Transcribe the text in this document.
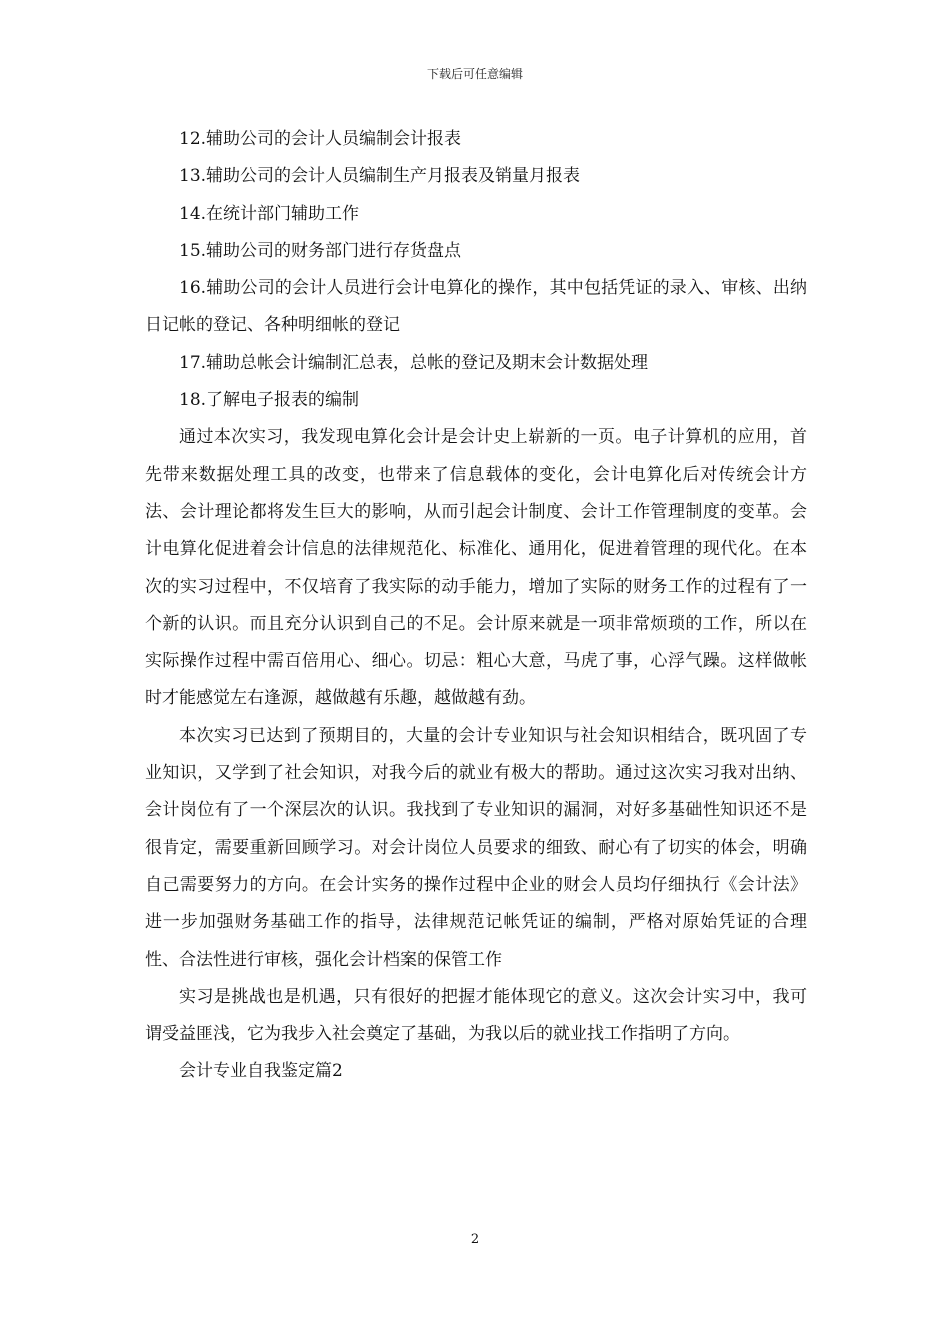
下载后可任意编辑

12.辅助公司的会计人员编制会计报表

13.辅助公司的会计人员编制生产月报表及销量月报表

14.在统计部门辅助工作

15.辅助公司的财务部门进行存货盘点

16.辅助公司的会计人员进行会计电算化的操作，其中包括凭证的录入、审核、出纳日记帐的登记、各种明细帐的登记

17.辅助总帐会计编制汇总表，总帐的登记及期末会计数据处理

18.了解电子报表的编制

通过本次实习，我发现电算化会计是会计史上崭新的一页。电子计算机的应用，首先带来数据处理工具的改变，也带来了信息载体的变化，会计电算化后对传统会计方法、会计理论都将发生巨大的影响，从而引起会计制度、会计工作管理制度的变革。会计电算化促进着会计信息的法律规范化、标准化、通用化，促进着管理的现代化。在本次的实习过程中，不仅培育了我实际的动手能力，增加了实际的财务工作的过程有了一个新的认识。而且充分认识到自己的不足。会计原来就是一项非常烦琐的工作，所以在实际操作过程中需百倍用心、细心。切忌：粗心大意，马虎了事，心浮气躁。这样做帐时才能感觉左右逢源，越做越有乐趣，越做越有劲。

本次实习已达到了预期目的，大量的会计专业知识与社会知识相结合，既巩固了专业知识，又学到了社会知识，对我今后的就业有极大的帮助。通过这次实习我对出纳、会计岗位有了一个深层次的认识。我找到了专业知识的漏洞，对好多基础性知识还不是很肯定，需要重新回顾学习。对会计岗位人员要求的细致、耐心有了切实的体会，明确自己需要努力的方向。在会计实务的操作过程中企业的财会人员均仔细执行《会计法》进一步加强财务基础工作的指导，法律规范记帐凭证的编制，严格对原始凭证的合理性、合法性进行审核，强化会计档案的保管工作

实习是挑战也是机遇，只有很好的把握才能体现它的意义。这次会计实习中，我可谓受益匪浅，它为我步入社会奠定了基础，为我以后的就业找工作指明了方向。

会计专业自我鉴定篇2

2
